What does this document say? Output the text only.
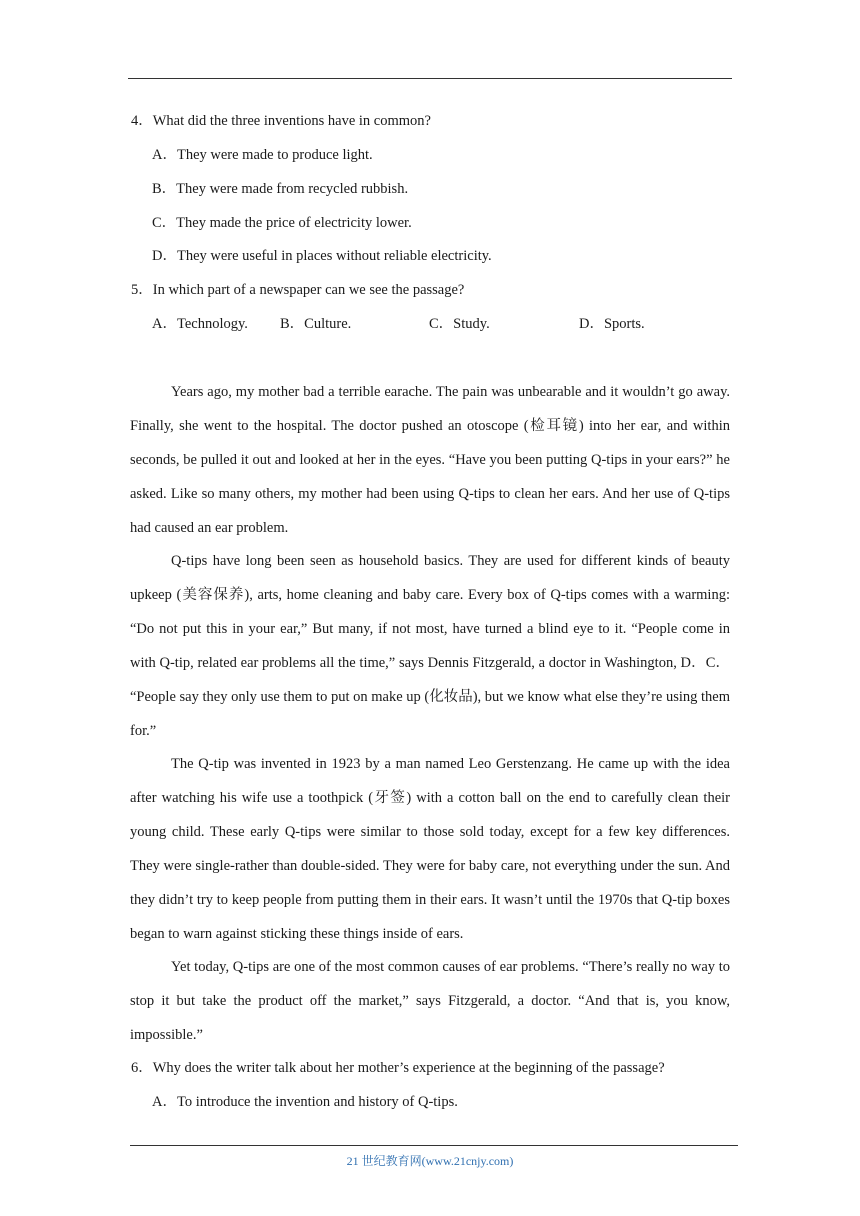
4．What did the three inventions have in common?
A．They were made to produce light.
B．They were made from recycled rubbish.
C．They made the price of electricity lower.
D．They were useful in places without reliable electricity.
5．In which part of a newspaper can we see the passage?
A．Technology. B．Culture.	C．Study.	D．Sports.

Years ago, my mother bad a terrible earache. The pain was unbearable and it wouldn’t go away. Finally, she went to the hospital. The doctor pushed an otoscope (检耳镜) into her ear, and within seconds, be pulled it out and looked at her in the eyes. “Have you been putting Q-tips in your ears?” he asked. Like so many others, my mother had been using Q-tips to clean her ears. And her use of Q-tips had caused an ear problem.

Q-tips have long been seen as household basics. They are used for different kinds of beauty upkeep (美容保养), arts, home cleaning and baby care. Every box of Q-tips comes with a warming: “Do not put this in your ear,” But many, if not most, have turned a blind eye to it. “People come in with Q-tip, related ear problems all the time,” says Dennis Fitzgerald, a doctor in Washington, D．C． “People say they only use them to put on make up (化妆品), but we know what else they’re using them for.”

The Q-tip was invented in 1923 by a man named Leo Gerstenzang. He came up with the idea after watching his wife use a toothpick (牙签) with a cotton ball on the end to carefully clean their young child. These early Q-tips were similar to those sold today, except for a few key differences. They were single-rather than double-sided. They were for baby care, not everything under the sun. And they didn’t try to keep people from putting them in their ears. It wasn’t until the 1970s that Q-tip boxes began to warn against sticking these things inside of ears.

Yet today, Q-tips are one of the most common causes of ear problems. “There’s really no way to stop it but take the product off the market,” says Fitzgerald, a doctor. “And that is, you know, impossible.”

6．Why does the writer talk about her mother’s experience at the beginning of the passage?
A．To introduce the invention and history of Q-tips.
21 世纪教育网(www.21cnjy.com)
